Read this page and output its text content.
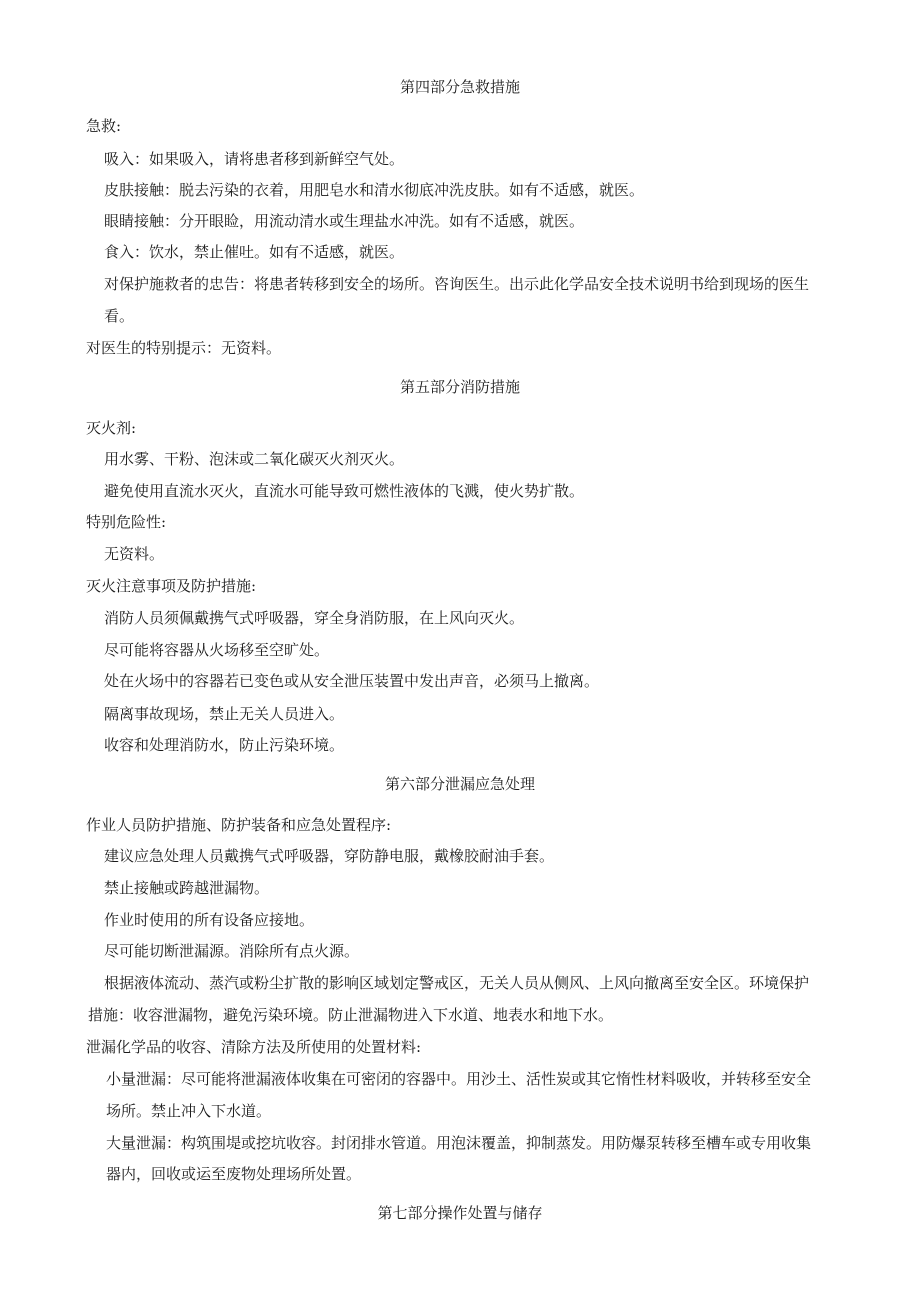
第四部分急救措施
急救:
吸入：如果吸入，请将患者移到新鲜空气处。
皮肤接触：脱去污染的衣着，用肥皂水和清水彻底冲洗皮肤。如有不适感，就医。
眼睛接触：分开眼睑，用流动清水或生理盐水冲洗。如有不适感，就医。
食入：饮水，禁止催吐。如有不适感，就医。
对保护施救者的忠告：将患者转移到安全的场所。咨询医生。出示此化学品安全技术说明书给到现场的医生
看。
对医生的特别提示：无资料。
第五部分消防措施
灭火剂:
用水雾、干粉、泡沫或二氧化碳灭火剂灭火。
避免使用直流水灭火，直流水可能导致可燃性液体的飞溅，使火势扩散。
特别危险性:
无资料。
灭火注意事项及防护措施:
消防人员须佩戴携气式呼吸器，穿全身消防服，在上风向灭火。
尽可能将容器从火场移至空旷处。
处在火场中的容器若已变色或从安全泄压装置中发出声音，必须马上撤离。
隔离事故现场，禁止无关人员进入。
收容和处理消防水，防止污染环境。
第六部分泄漏应急处理
作业人员防护措施、防护装备和应急处置程序:
建议应急处理人员戴携气式呼吸器，穿防静电服，戴橡胶耐油手套。
禁止接触或跨越泄漏物。
作业时使用的所有设备应接地。
尽可能切断泄漏源。消除所有点火源。
根据液体流动、蒸汽或粉尘扩散的影响区域划定警戒区，无关人员从侧风、上风向撤离至安全区。环境保护
措施：收容泄漏物，避免污染环境。防止泄漏物进入下水道、地表水和地下水。
泄漏化学品的收容、清除方法及所使用的处置材料:
小量泄漏：尽可能将泄漏液体收集在可密闭的容器中。用沙土、活性炭或其它惰性材料吸收，并转移至安全
场所。禁止冲入下水道。
大量泄漏：构筑围堤或挖坑收容。封闭排水管道。用泡沫覆盖，抑制蒸发。用防爆泵转移至槽车或专用收集
器内，回收或运至废物处理场所处置。
第七部分操作处置与储存
